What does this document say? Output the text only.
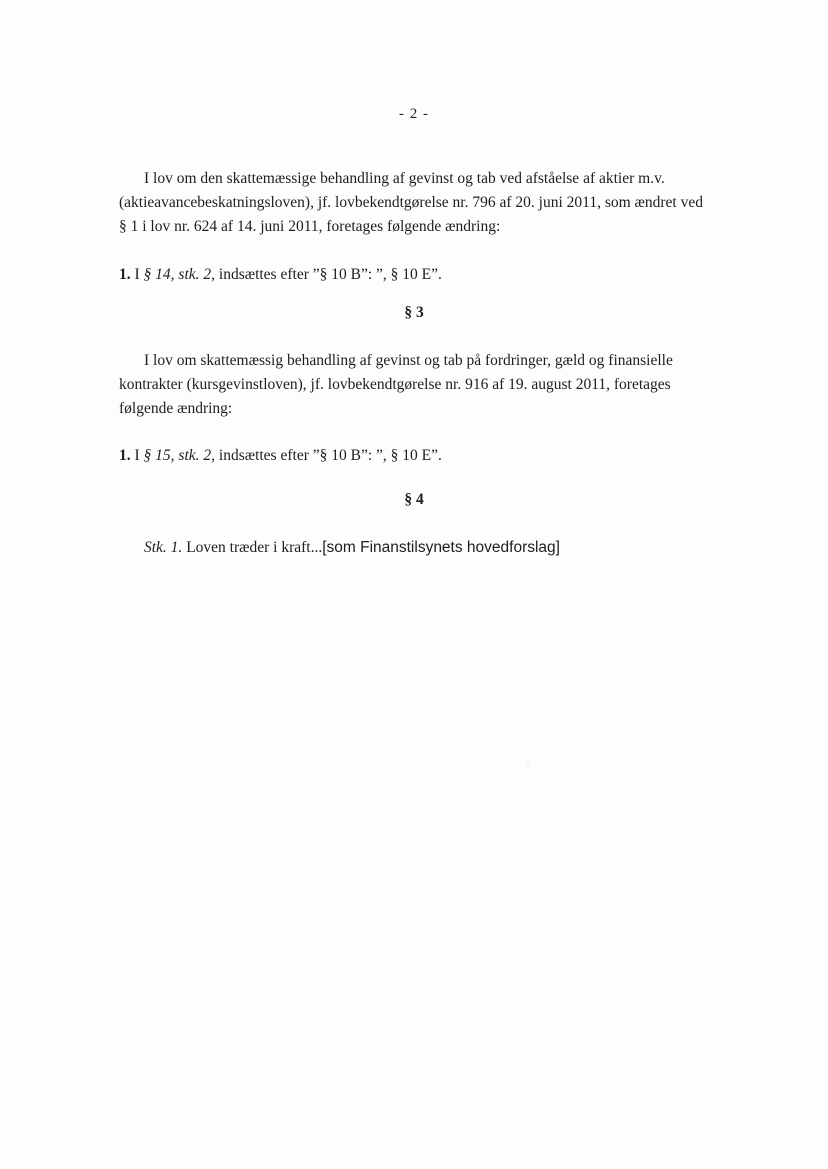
- 2 -
I lov om den skattemæssige behandling af gevinst og tab ved afståelse af aktier m.v.
(aktieavancebeskatningsloven), jf. lovbekendtgørelse nr. 796 af 20. juni 2011, som ændret ved
§ 1 i lov nr. 624 af 14. juni 2011, foretages følgende ændring:

1. I § 14, stk. 2, indsættes efter ”§ 10 B”: ”, § 10 E”.

§ 3
I lov om skattemæssig behandling af gevinst og tab på fordringer, gæld og finansielle
kontrakter (kursgevinstloven), jf. lovbekendtgørelse nr. 916 af 19. august 2011, foretages
følgende ændring:

1. I § 15, stk. 2, indsættes efter ”§ 10 B”: ”, § 10 E”.

§ 4

Stk. 1. Loven træder i kraft...[som Finanstilsynets hovedforslag]
